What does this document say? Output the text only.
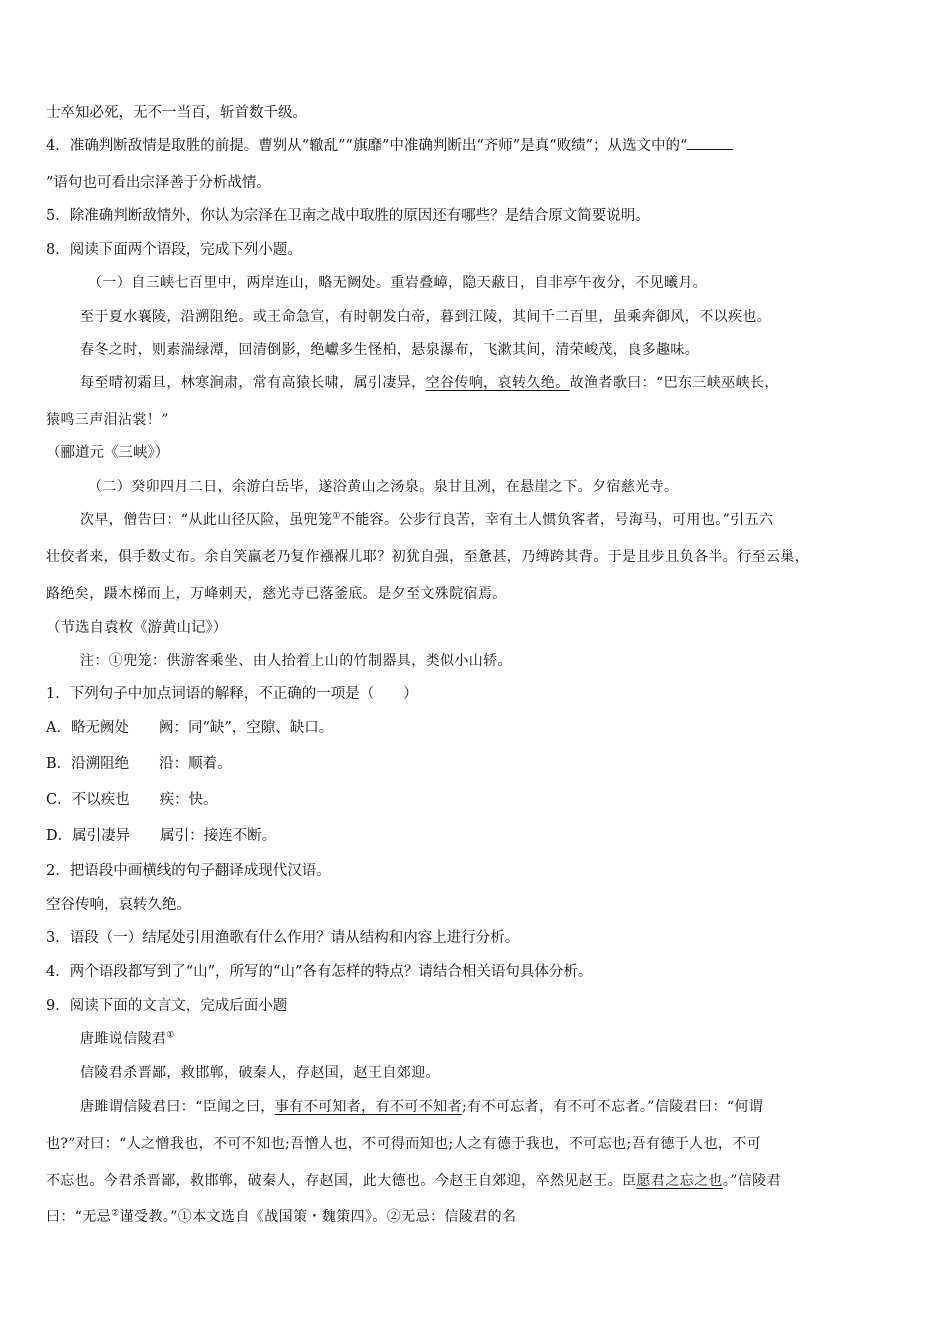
士卒知必死，无不一当百，斩首数千级。
4．准确判断敌情是取胜的前提。曹刿从“辙乱”“旗靡”中准确判断出“齐师”是真“败绩”；从选文中的“
”语句也可看出宗泽善于分析战情。
5．除准确判断敌情外，你认为宗泽在卫南之战中取胜的原因还有哪些？是结合原文简要说明。
8．阅读下面两个语段，完成下列小题。
（一）自三峡七百里中，两岸连山，略无阙处。重岩叠嶂，隐天蔽日，自非亭午夜分，不见曦月。
至于夏水襄陵，沿溯阻绝。或王命急宣，有时朝发白帝，暮到江陵，其间千二百里，虽乘奔御风，不以疾也。
春冬之时，则素湍绿潭，回清倒影，绝巘多生怪柏，悬泉瀑布，飞漱其间，清荣峻茂，良多趣味。
每至晴初霜旦，林寒涧肃，常有高猿长啸，属引凄异，空谷传响，哀转久绝。故渔者歌曰：“巴东三峡巫峡长，
猿鸣三声泪沾裳！”
（郦道元《三峡》）
（二）癸卯四月二日，余游白岳毕，遂浴黄山之汤泉。泉甘且冽，在悬崖之下。夕宿慈光寺。
次早，僧告曰：“从此山径仄险，虽兜笼①不能容。公步行良苦，幸有土人惯负客者，号海马，可用也。”引五六
壮佼者来，俱手数丈布。余自笑羸老乃复作襁褓儿耶？初犹自强，至惫甚，乃缚跨其背。于是且步且负各半。行至云巢，
路绝矣，蹑木梯而上，万峰刺天，慈光寺已落釜底。是夕至文殊院宿焉。
（节选自袁枚《游黄山记》）
注：①兜笼：供游客乘坐、由人抬着上山的竹制器具，类似小山轿。
1．下列句子中加点词语的解释，不正确的一项是（　　）
A．略无阙处 阙：同“缺”，空隙、缺口。
B．沿溯阻绝 沿：顺着。
C．不以疾也 疾：快。
D．属引凄异 属引：接连不断。
2．把语段中画横线的句子翻译成现代汉语。
空谷传响，哀转久绝。
3．语段（一）结尾处引用渔歌有什么作用？请从结构和内容上进行分析。
4．两个语段都写到了“山”，所写的“山”各有怎样的特点？请结合相关语句具体分析。
9．阅读下面的文言文，完成后面小题
唐雎说信陵君①
信陵君杀晋鄙，救邯郸，破秦人，存赵国，赵王自郊迎。
唐雎谓信陵君曰：“臣闻之曰，事有不可知者，有不可不知者;有不可忘者，有不可不忘者。”信陵君曰：“何谓
也?”对曰：“人之憎我也，不可不知也;吾憎人也，不可得而知也;人之有德于我也，不可忘也;吾有德于人也，不可
不忘也。今君杀晋鄙，救邯郸，破秦人，存赵国，此大德也。今赵王自郊迎，卒然见赵王。臣愿君之忘之也。”信陵君
曰：“无忌②谨受教。”①本文选自《战国策・魏策四》。②无忌：信陵君的名
